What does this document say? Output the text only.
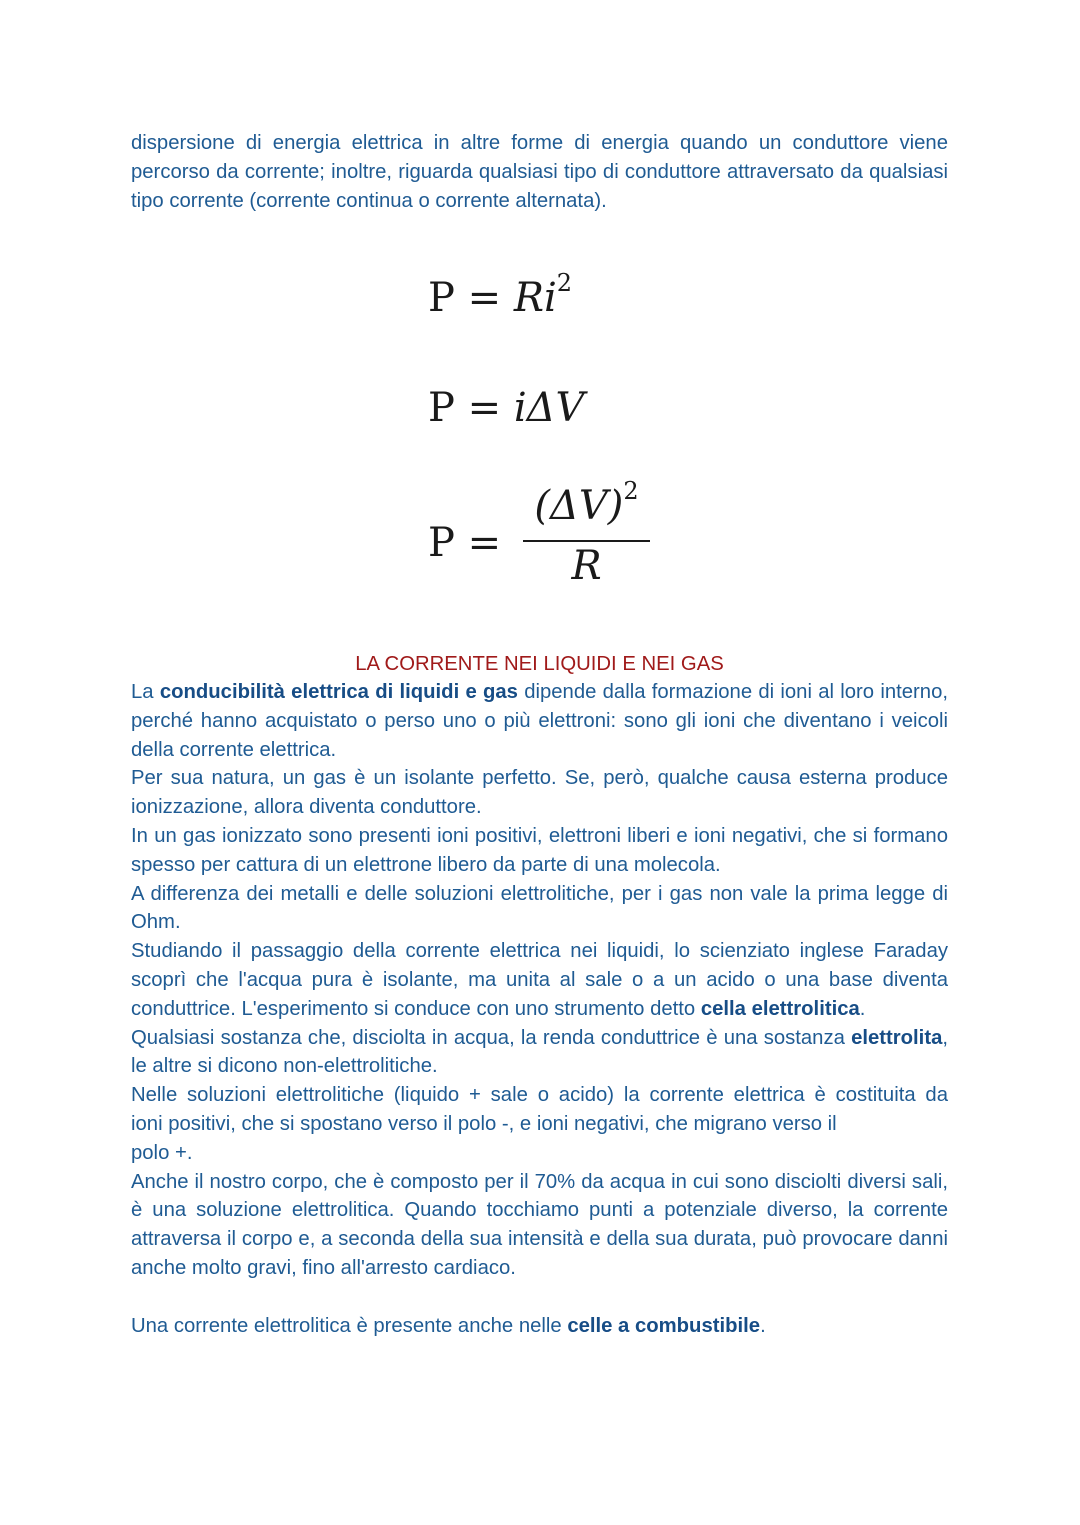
dispersione di energia elettrica in altre forme di energia quando un conduttore viene percorso da corrente; inoltre, riguarda qualsiasi tipo di conduttore attraversato da qualsiasi tipo corrente (corrente continua o corrente alternata).

$P = Ri^2$
P = iΔV
P =
$(\Delta V)^2$
R
LA CORRENTE NEI LIQUIDI E NEI GAS

La conducibilità elettrica di liquidi e gas dipende dalla formazione di ioni al loro interno, perché hanno acquistato o perso uno o più elettroni: sono gli ioni che diventano i veicoli della corrente elettrica.

Per sua natura, un gas è un isolante perfetto. Se, però, qualche causa esterna produce ionizzazione, allora diventa conduttore.

In un gas ionizzato sono presenti ioni positivi, elettroni liberi e ioni negativi, che si formano spesso per cattura di un elettrone libero da parte di una molecola.

A differenza dei metalli e delle soluzioni elettrolitiche, per i gas non vale la prima legge di Ohm.

Studiando il passaggio della corrente elettrica nei liquidi, lo scienziato inglese Faraday scoprì che l'acqua pura è isolante, ma unita al sale o a un acido o una base diventa conduttrice. L'esperimento si conduce con uno strumento detto cella elettrolitica.

Qualsiasi sostanza che, disciolta in acqua, la renda conduttrice è una sostanza elettrolita, le altre si dicono non-elettrolitiche.

Nelle soluzioni elettrolitiche (liquido + sale o acido) la corrente elettrica è costituita da

ioni positivi, che si spostano verso il polo -, e ioni negativi, che migrano verso il

polo +.

Anche il nostro corpo, che è composto per il 70% da acqua in cui sono disciolti diversi sali, è una soluzione elettrolitica. Quando tocchiamo punti a potenziale diverso, la corrente attraversa il corpo e, a seconda della sua intensità e della sua durata, può provocare danni anche molto gravi, fino all'arresto cardiaco.

Una corrente elettrolitica è presente anche nelle celle a combustibile.
